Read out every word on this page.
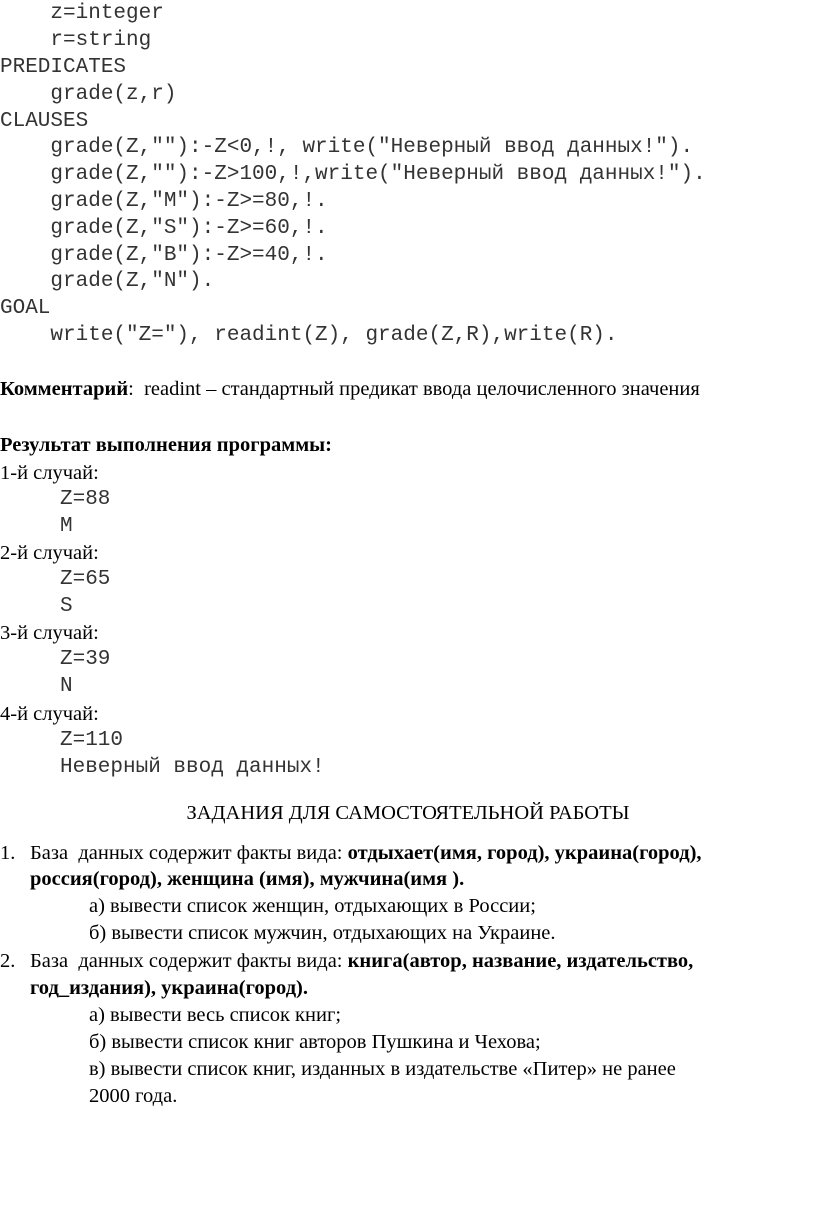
z=integer
r=string
PREDICATES
grade(z,r)
CLAUSES
grade(Z,""):-Z<0,!, write("Неверный ввод данных!").
grade(Z,""):-Z>100,!,write("Неверный ввод данных!").
grade(Z,"M"):-Z>=80,!.
grade(Z,"S"):-Z>=60,!.
grade(Z,"B"):-Z>=40,!.
grade(Z,"N").
GOAL
write("Z="), readint(Z), grade(Z,R),write(R).
Комментарий:  readint – стандартный предикат ввода целочисленного значения
Результат выполнения программы:
1-й случай:
Z=88
M
2-й случай:
Z=65
S
3-й случай:
Z=39
N
4-й случай:
Z=110
Неверный ввод данных!
ЗАДАНИЯ ДЛЯ САМОСТОЯТЕЛЬНОЙ РАБОТЫ
1. База  данных содержит факты вида: отдыхает(имя, город), украина(город),
россия(город), женщина (имя), мужчина(имя ).
а) вывести список женщин, отдыхающих в России;
б) вывести список мужчин, отдыхающих на Украине.
2. База  данных содержит факты вида: книга(автор, название, издательство,
год_издания), украина(город).
а) вывести весь список книг;
б) вывести список книг авторов Пушкина и Чехова;
в) вывести список книг, изданных в издательстве «Питер» не ранее
2000 года.
